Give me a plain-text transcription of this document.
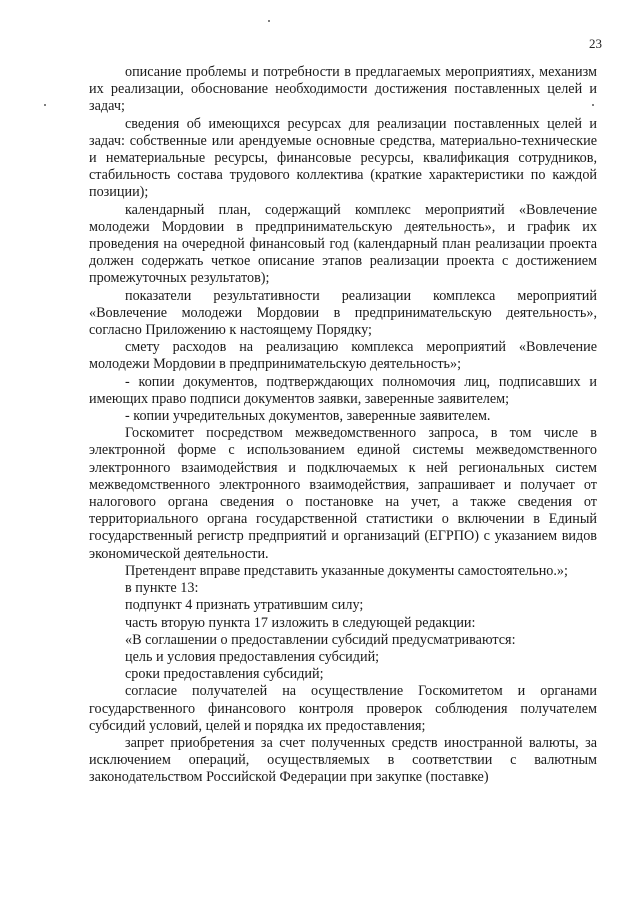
23

описание проблемы и потребности в предлагаемых мероприятиях, механизм их реализации, обоснование необходимости достижения поставленных целей и задач;

сведения об имеющихся ресурсах для реализации поставленных целей и задач: собственные или арендуемые основные средства, материально-технические и нематериальные ресурсы, финансовые ресурсы, квалификация сотрудников, стабильность состава трудового коллектива (краткие характеристики по каждой позиции);

календарный план, содержащий комплекс мероприятий «Вовлечение молодежи Мордовии в предпринимательскую деятельность», и график их проведения на очередной финансовый год (календарный план реализации проекта должен содержать четкое описание этапов реализации проекта с достижением промежуточных результатов);

показатели результативности реализации комплекса мероприятий «Вовлечение молодежи Мордовии в предпринимательскую деятельность», согласно Приложению к настоящему Порядку;

смету расходов на реализацию комплекса мероприятий «Вовлечение молодежи Мордовии в предпринимательскую деятельность»;

- копии документов, подтверждающих полномочия лиц, подписавших и имеющих право подписи документов заявки, заверенные заявителем;

- копии учредительных документов, заверенные заявителем.

Госкомитет посредством межведомственного запроса, в том числе в электронной форме с использованием единой системы межведомственного электронного взаимодействия и подключаемых к ней региональных систем межведомственного электронного взаимодействия, запрашивает и получает от налогового органа сведения о постановке на учет, а также сведения от территориального органа государственной статистики о включении в Единый государственный регистр предприятий и организаций (ЕГРПО) с указанием видов экономической деятельности.

Претендент вправе представить указанные документы самостоятельно.»;

в пункте 13:

подпункт 4 признать утратившим силу;

часть вторую пункта 17 изложить в следующей редакции:

«В соглашении о предоставлении субсидий предусматриваются:

цель и условия предоставления субсидий;

сроки предоставления субсидий;

согласие получателей на осуществление Госкомитетом и органами государственного финансового контроля проверок соблюдения получателем субсидий условий, целей и порядка их предоставления;

запрет приобретения за счет полученных средств иностранной валюты, за исключением операций, осуществляемых в соответствии с валютным законодательством Российской Федерации при закупке (поставке)
